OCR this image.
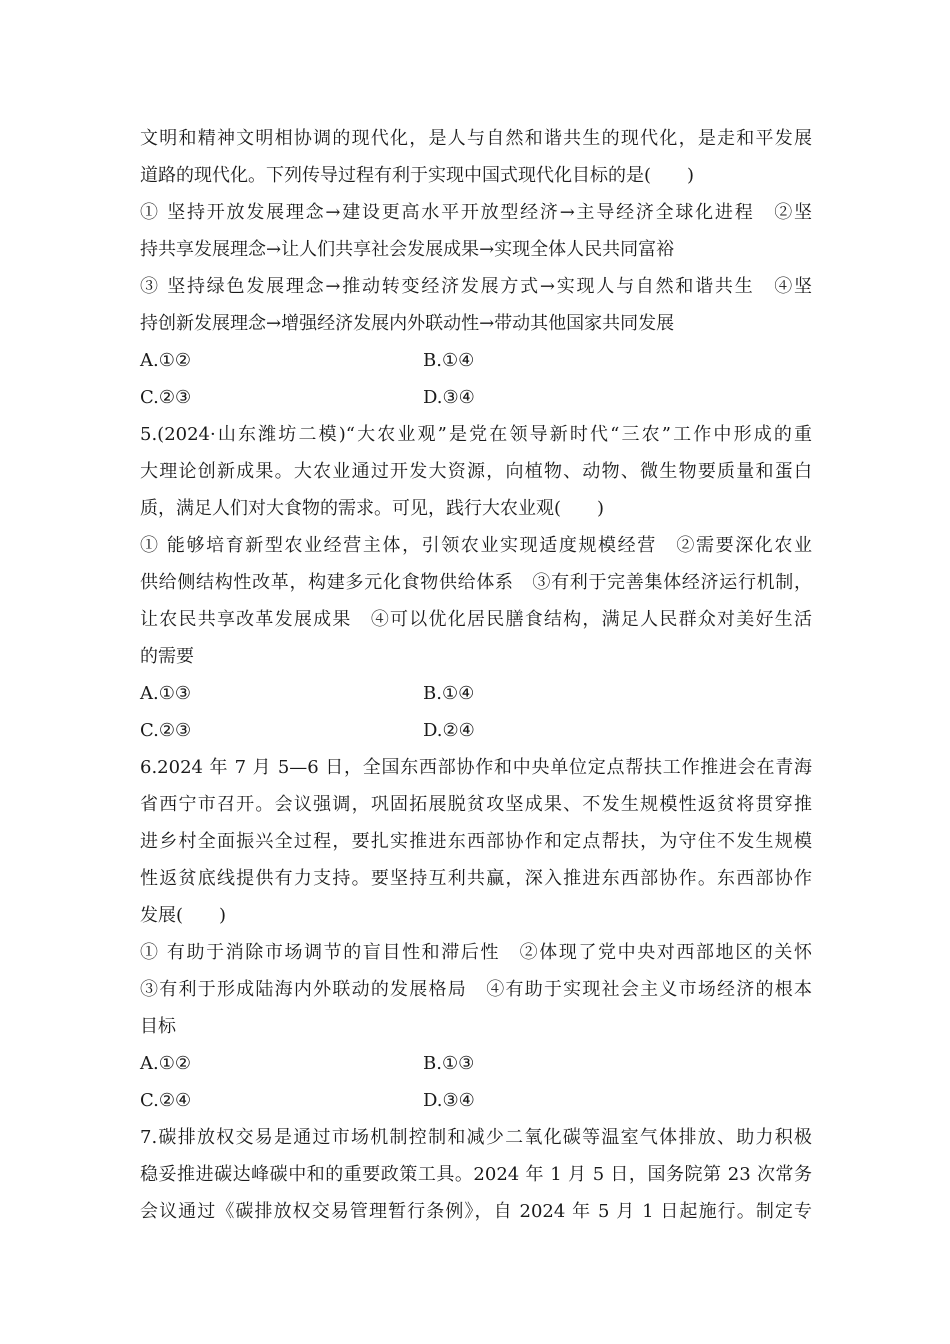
文明和精神文明相协调的现代化，是人与自然和谐共生的现代化，是走和平发展
道路的现代化。下列传导过程有利于实现中国式现代化目标的是(　　)
① 坚持开放发展理念→建设更高水平开放型经济→主导经济全球化进程　②坚
持共享发展理念→让人们共享社会发展成果→实现全体人民共同富裕
③ 坚持绿色发展理念→推动转变经济发展方式→实现人与自然和谐共生　④坚
持创新发展理念→增强经济发展内外联动性→带动其他国家共同发展
A.①②	B.①④
C.②③	D.③④
5.(2024·山东潍坊二模)“大农业观”是党在领导新时代“三农”工作中形成的重
大理论创新成果。大农业通过开发大资源，向植物、动物、微生物要质量和蛋白
质，满足人们对大食物的需求。可见，践行大农业观(　　)
① 能够培育新型农业经营主体，引领农业实现适度规模经营　②需要深化农业
供给侧结构性改革，构建多元化食物供给体系　③有利于完善集体经济运行机制，
让农民共享改革发展成果　④可以优化居民膳食结构，满足人民群众对美好生活
的需要
A.①③	B.①④
C.②③	D.②④
6.2024 年 7 月 5—6 日，全国东西部协作和中央单位定点帮扶工作推进会在青海
省西宁市召开。会议强调，巩固拓展脱贫攻坚成果、不发生规模性返贫将贯穿推
进乡村全面振兴全过程，要扎实推进东西部协作和定点帮扶，为守住不发生规模
性返贫底线提供有力支持。要坚持互利共赢，深入推进东西部协作。东西部协作
发展(　　)
① 有助于消除市场调节的盲目性和滞后性　②体现了党中央对西部地区的关怀
③有利于形成陆海内外联动的发展格局　④有助于实现社会主义市场经济的根本
目标
A.①②	B.①③
C.②④	D.③④
7.碳排放权交易是通过市场机制控制和减少二氧化碳等温室气体排放、助力积极
稳妥推进碳达峰碳中和的重要政策工具。2024 年 1 月 5 日，国务院第 23 次常务
会议通过《碳排放权交易管理暂行条例》，自 2024 年 5 月 1 日起施行。制定专
